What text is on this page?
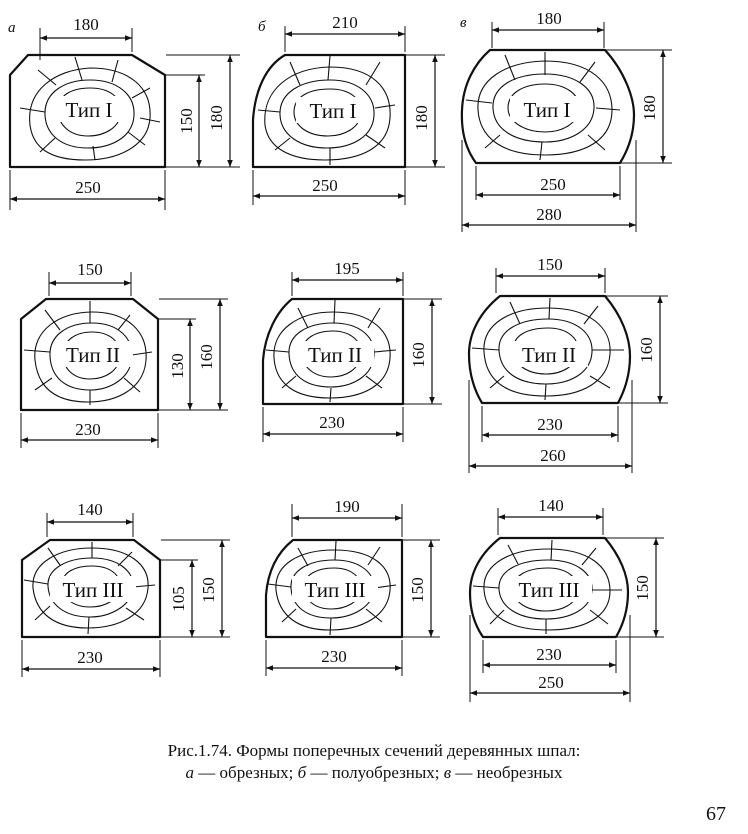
а	б	в
Тип I
180
250
150 180	Тип I
210
250
180	Тип I
180
250
280
180
Тип II
150
230
130 160	Тип II
195
230
160	Тип II
150
230
260
160
Тип III
140
230
105 150	Тип III
190
230
150	Тип III
140
230
250
150
Рис.1.74. Формы поперечных сечений деревянных шпал:
а — обрезных; б — полуобрезных; в — необрезных
67
